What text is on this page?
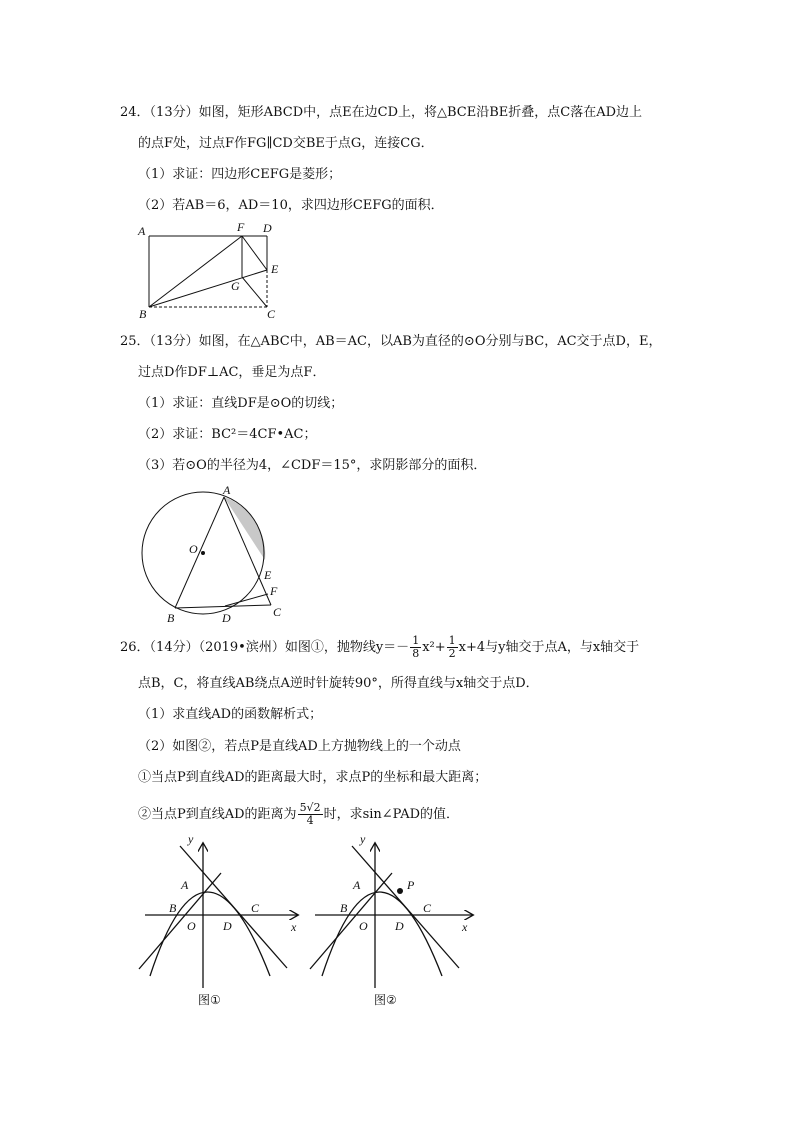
24．（13分）如图，矩形ABCD中，点E在边CD上，将△BCE沿BE折叠，点C落在AD边上
的点F处，过点F作FG∥CD交BE于点G，连接CG．
（1）求证：四边形CEFG是菱形；
（2）若AB＝6，AD＝10，求四边形CEFG的面积．
A	F D
E
G
B	C
25．（13分）如图，在△ABC中，AB＝AC，以AB为直径的⊙O分别与BC，AC交于点D，E，
过点D作DF⊥AC，垂足为点F．
（1）求证：直线DF是⊙O的切线；
（2）求证：BC²＝4CF•AC；
（3）若⊙O的半径为4，∠CDF＝15°，求阴影部分的面积．
A
O
E
F
C
B	D
26．（14分）（2019•滨州）如图①，抛物线$y=- \frac{1}{8} x^2+ \frac{1}{2} x+4$与y轴交于点A，与x轴交于
点B，C，将直线AB绕点A逆时针旋转90°，所得直线与x轴交于点D．
（1）求直线AD的函数解析式；
（2）如图②，若点P是直线AD上方抛物线上的一个动点
①当点P到直线AD的距离最大时，求点P的坐标和最大距离；
②当点P到直线AD的距离为 $\frac{5√2}{4}$ 时，求sin∠PAD的值．
A
y
B	C
O D	x
图①
A
y
P
B	C
O D	x
图②
